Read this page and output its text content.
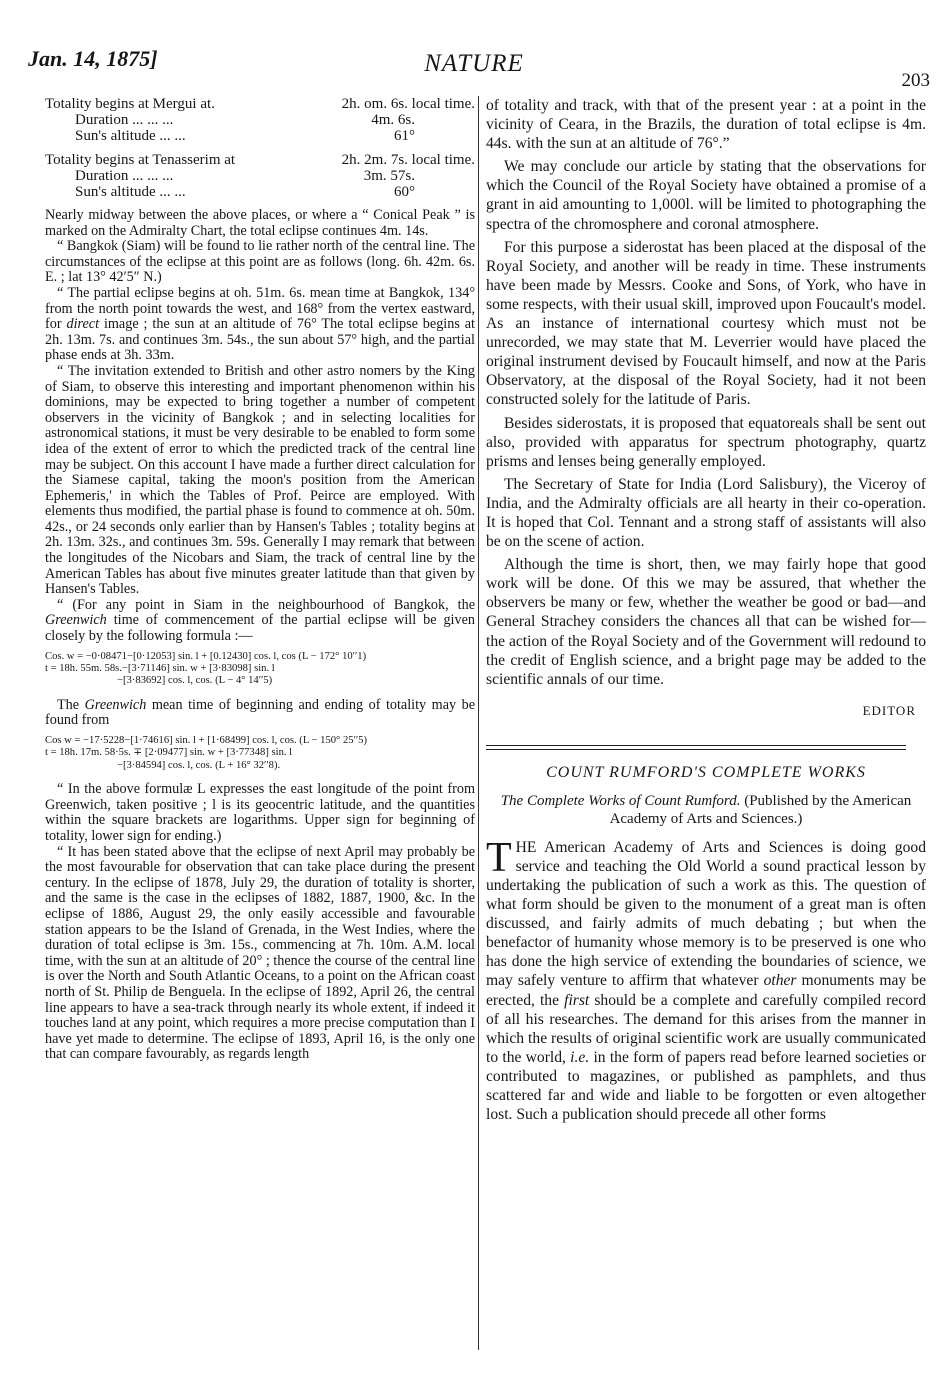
Jan. 14, 1875]	NATURE
203
Totality begins at Mergui at.	2h. om. 6s. local time.
Duration ... ... ...	4m. 6s.
Sun's altitude ... ...	61°
Totality begins at Tenasserim at	2h. 2m. 7s. local time.
Duration ... ... ...	3m. 57s.
Sun's altitude ... ...	60°

Nearly midway between the above places, or where a “ Conical Peak ” is marked on the Admiralty Chart, the total eclipse continues 4m. 14s.

“ Bangkok (Siam) will be found to lie rather north of the central line. The circumstances of the eclipse at this point are as follows (long. 6h. 42m. 6s. E. ; lat 13° 42′5″ N.)

“ The partial eclipse begins at oh. 51m. 6s. mean time at Bangkok, 134° from the north point towards the west, and 168° from the vertex eastward, for direct image ; the sun at an altitude of 76° The total eclipse begins at 2h. 13m. 7s. and continues 3m. 54s., the sun about 57° high, and the partial phase ends at 3h. 33m.

“ The invitation extended to British and other astro nomers by the King of Siam, to observe this interesting and important phenomenon within his dominions, may be expected to bring together a number of competent observers in the vicinity of Bangkok ; and in selecting localities for astronomical stations, it must be very desirable to be enabled to form some idea of the extent of error to which the predicted track of the central line may be subject. On this account I have made a further direct calculation for the Siamese capital, taking the moon's position from the American Ephemeris,' in which the Tables of Prof. Peirce are employed. With elements thus modified, the partial phase is found to commence at oh. 50m. 42s., or 24 seconds only earlier than by Hansen's Tables ; totality begins at 2h. 13m. 32s., and continues 3m. 59s. Generally I may remark that between the longitudes of the Nicobars and Siam, the track of central line by the American Tables has about five minutes greater latitude than that given by Hansen's Tables.

“ (For any point in Siam in the neighbourhood of Bangkok, the Greenwich time of commencement of the partial eclipse will be given closely by the following formula :—

Cos. w = −0·08471−[0·12053] sin. l + [0.12430] cos. l, cos (L − 172° 10′′1)
t = 18h. 55m. 58s.−[3·71146] sin. w + [3·83098] sin. l
−[3·83692] cos. l, cos. (L − 4° 14′′5)

The Greenwich mean time of beginning and ending of totality may be found from

Cos w = −17·5228−[1·74616] sin. l + [1·68499] cos. l, cos. (L − 150° 25′′5)
t = 18h. 17m. 58·5s. ∓ [2·09477] sin. w + [3·77348] sin. l
−[3·84594] cos. l, cos. (L + 16° 32′′8).

“ In the above formulæ L expresses the east longitude of the point from Greenwich, taken positive ; l is its geocentric latitude, and the quantities within the square brackets are logarithms. Upper sign for beginning of totality, lower sign for ending.)

“ It has been stated above that the eclipse of next April may probably be the most favourable for observation that can take place during the present century. In the eclipse of 1878, July 29, the duration of totality is shorter, and the same is the case in the eclipses of 1882, 1887, 1900, &c. In the eclipse of 1886, August 29, the only easily accessible and favourable station appears to be the Island of Grenada, in the West Indies, where the duration of total eclipse is 3m. 15s., commencing at 7h. 10m. A.M. local time, with the sun at an altitude of 20° ; thence the course of the central line is over the North and South Atlantic Oceans, to a point on the African coast north of St. Philip de Benguela. In the eclipse of 1892, April 26, the central line appears to have a sea-track through nearly its whole extent, if indeed it touches land at any point, which requires a more precise computation than I have yet made to determine. The eclipse of 1893, April 16, is the only one that can compare favourably, as regards length

of totality and track, with that of the present year : at a point in the vicinity of Ceara, in the Brazils, the duration of total eclipse is 4m. 44s. with the sun at an altitude of 76°.”

We may conclude our article by stating that the observations for which the Council of the Royal Society have obtained a promise of a grant in aid amounting to 1,000l. will be limited to photographing the spectra of the chromosphere and coronal atmosphere.

For this purpose a siderostat has been placed at the disposal of the Royal Society, and another will be ready in time. These instruments have been made by Messrs. Cooke and Sons, of York, who have in some respects, with their usual skill, improved upon Foucault's model. As an instance of international courtesy which must not be unrecorded, we may state that M. Leverrier would have placed the original instrument devised by Foucault himself, and now at the Paris Observatory, at the disposal of the Royal Society, had it not been constructed solely for the latitude of Paris.

Besides siderostats, it is proposed that equatoreals shall be sent out also, provided with apparatus for spectrum photography, quartz prisms and lenses being generally employed.

The Secretary of State for India (Lord Salisbury), the Viceroy of India, and the Admiralty officials are all hearty in their co-operation. It is hoped that Col. Tennant and a strong staff of assistants will also be on the scene of action.

Although the time is short, then, we may fairly hope that good work will be done. Of this we may be assured, that whether the observers be many or few, whether the weather be good or bad—and General Strachey considers the chances all that can be wished for—the action of the Royal Society and of the Government will redound to the credit of English science, and a bright page may be added to the scientific annals of our time.

EDITOR
COUNT RUMFORD'S COMPLETE WORKS
The Complete Works of Count Rumford. (Published by the American Academy of Arts and Sciences.)

THE American Academy of Arts and Sciences is doing good service and teaching the Old World a sound practical lesson by undertaking the publication of such a work as this. The question of what form should be given to the monument of a great man is often discussed, and fairly admits of much debating ; but when the benefactor of humanity whose memory is to be preserved is one who has done the high service of extending the boundaries of science, we may safely venture to affirm that whatever other monuments may be erected, the first should be a complete and carefully compiled record of all his researches. The demand for this arises from the manner in which the results of original scientific work are usually communicated to the world, i.e. in the form of papers read before learned societies or contributed to magazines, or published as pamphlets, and thus scattered far and wide and liable to be forgotten or even altogether lost. Such a publication should precede all other forms
